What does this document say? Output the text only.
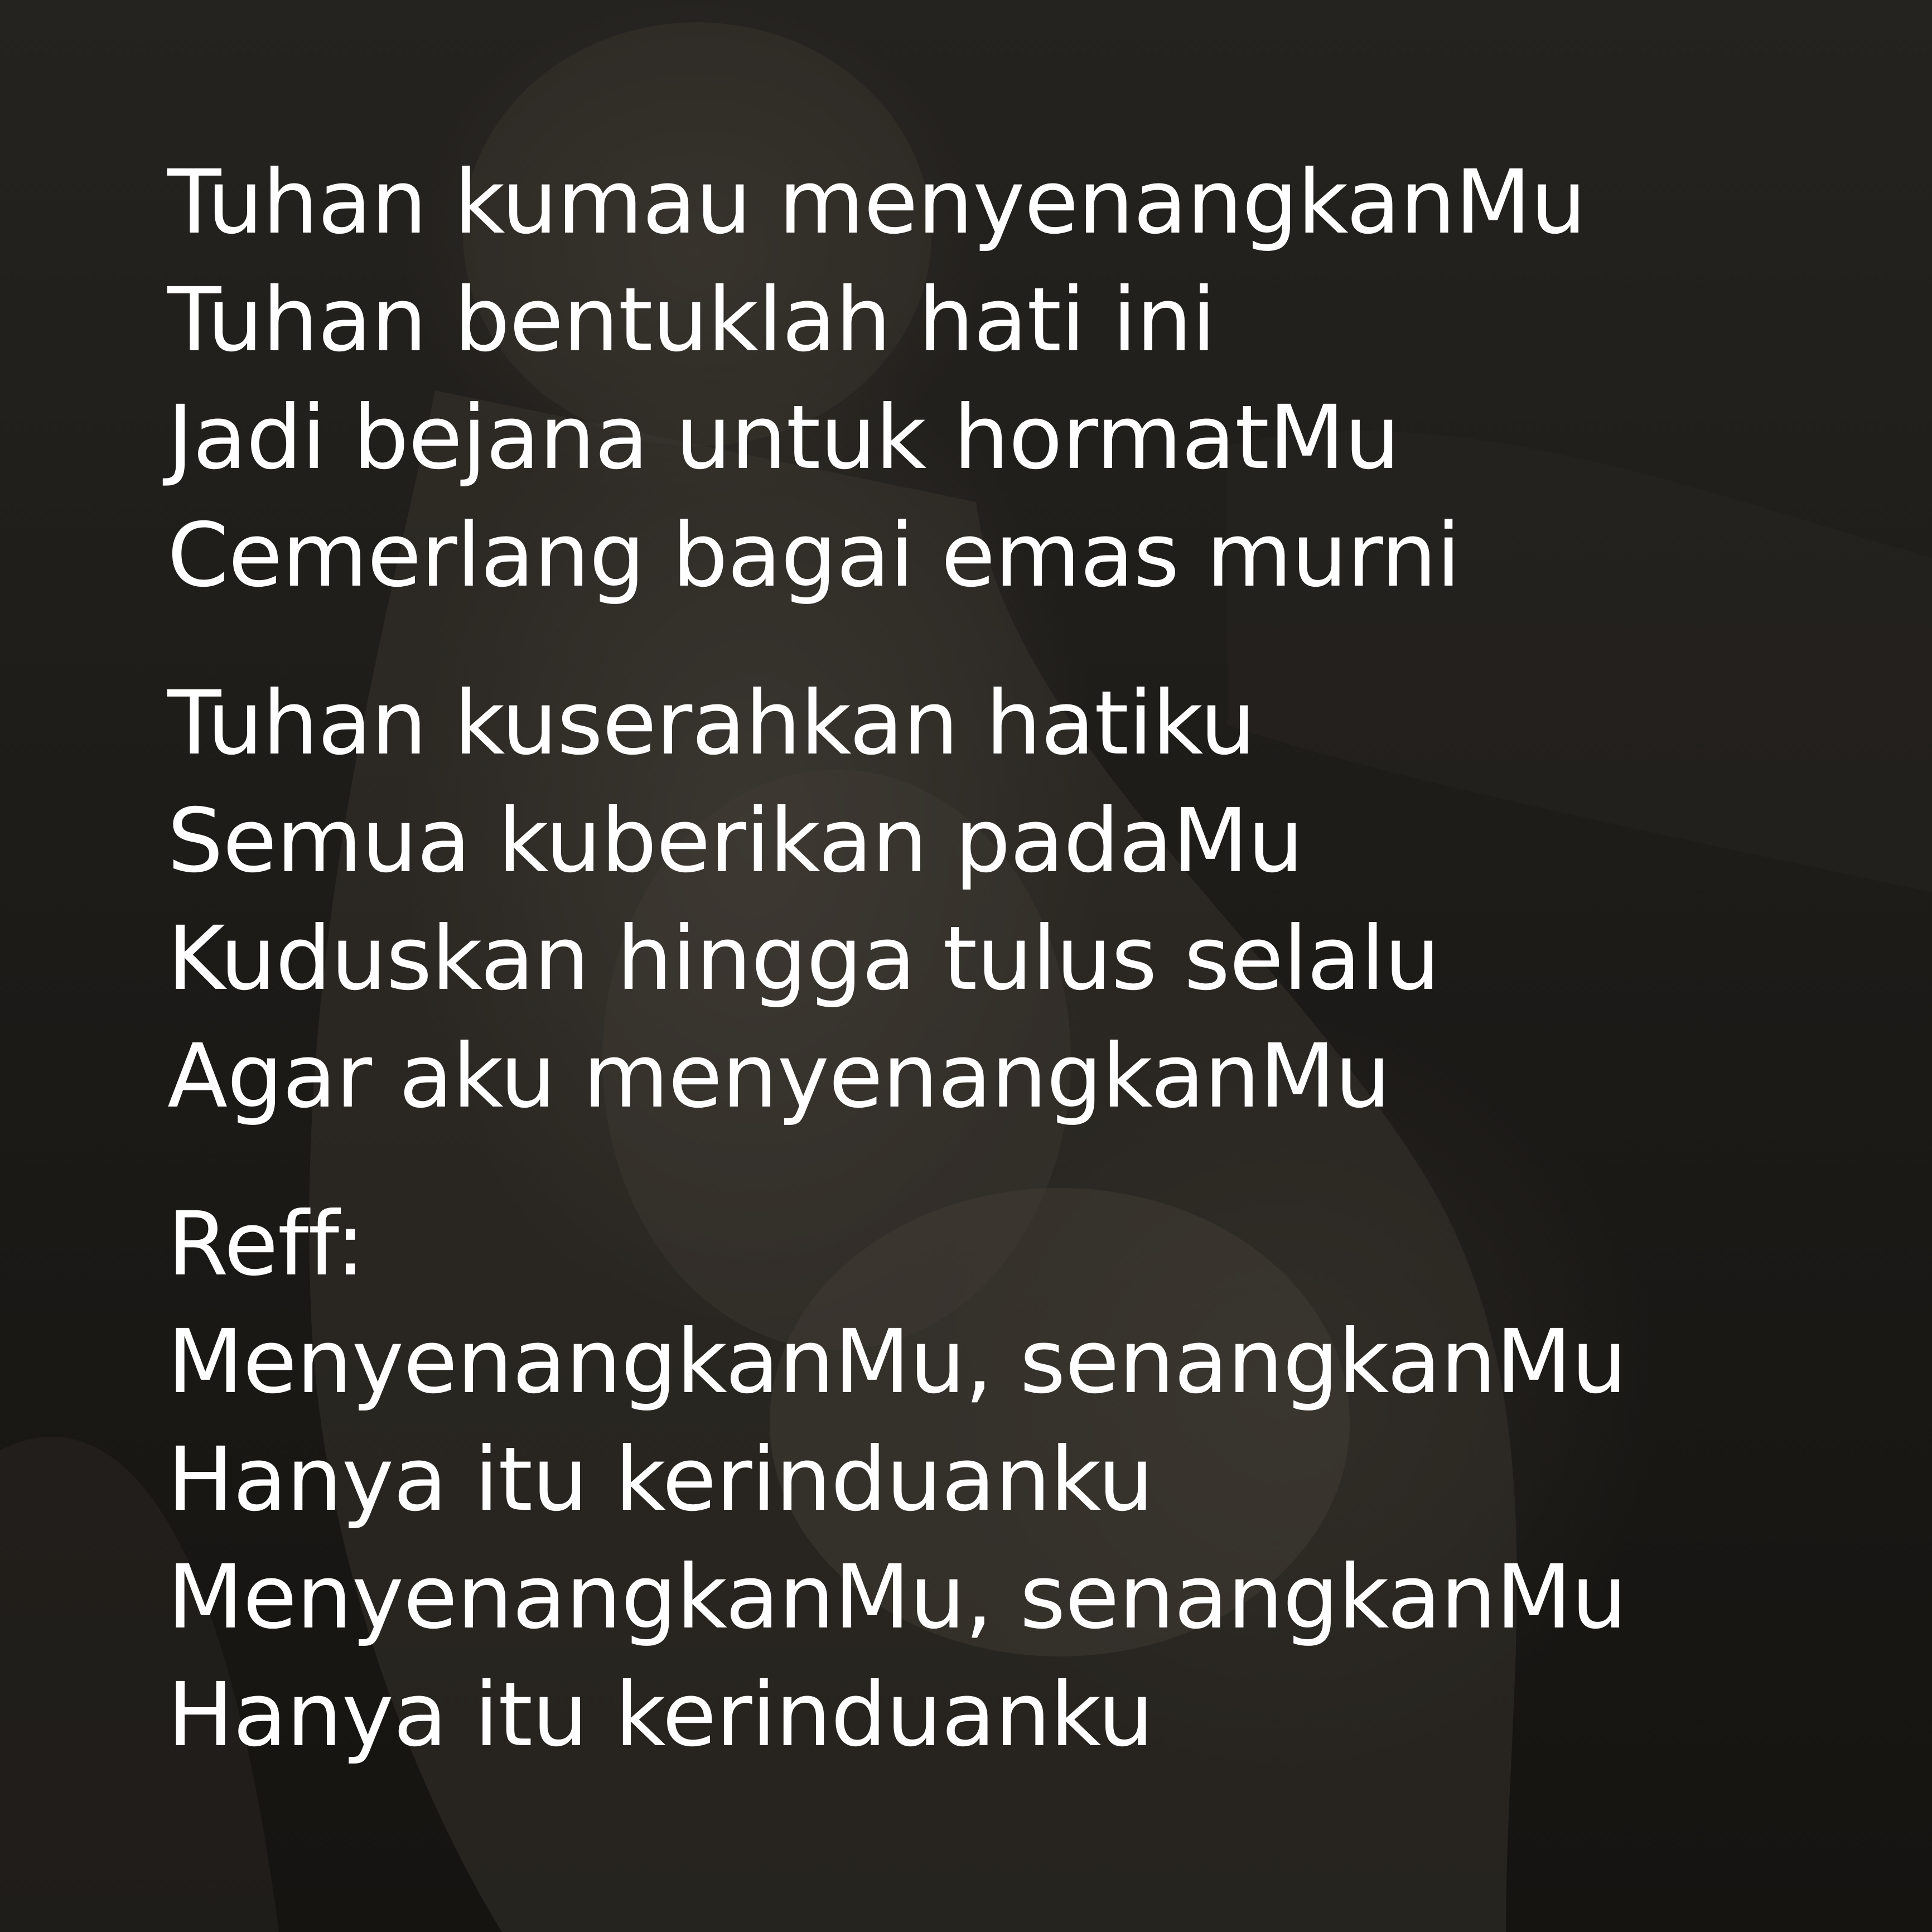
Tuhan kumau menyenangkanMu
Tuhan bentuklah hati ini
Jadi bejana untuk hormatMu
Cemerlang bagai emas murni
Tuhan kuserahkan hatiku
Semua kuberikan padaMu
Kuduskan hingga tulus selalu
Agar aku menyenangkanMu
Reff:
MenyenangkanMu, senangkanMu
Hanya itu kerinduanku
MenyenangkanMu, senangkanMu
Hanya itu kerinduanku
